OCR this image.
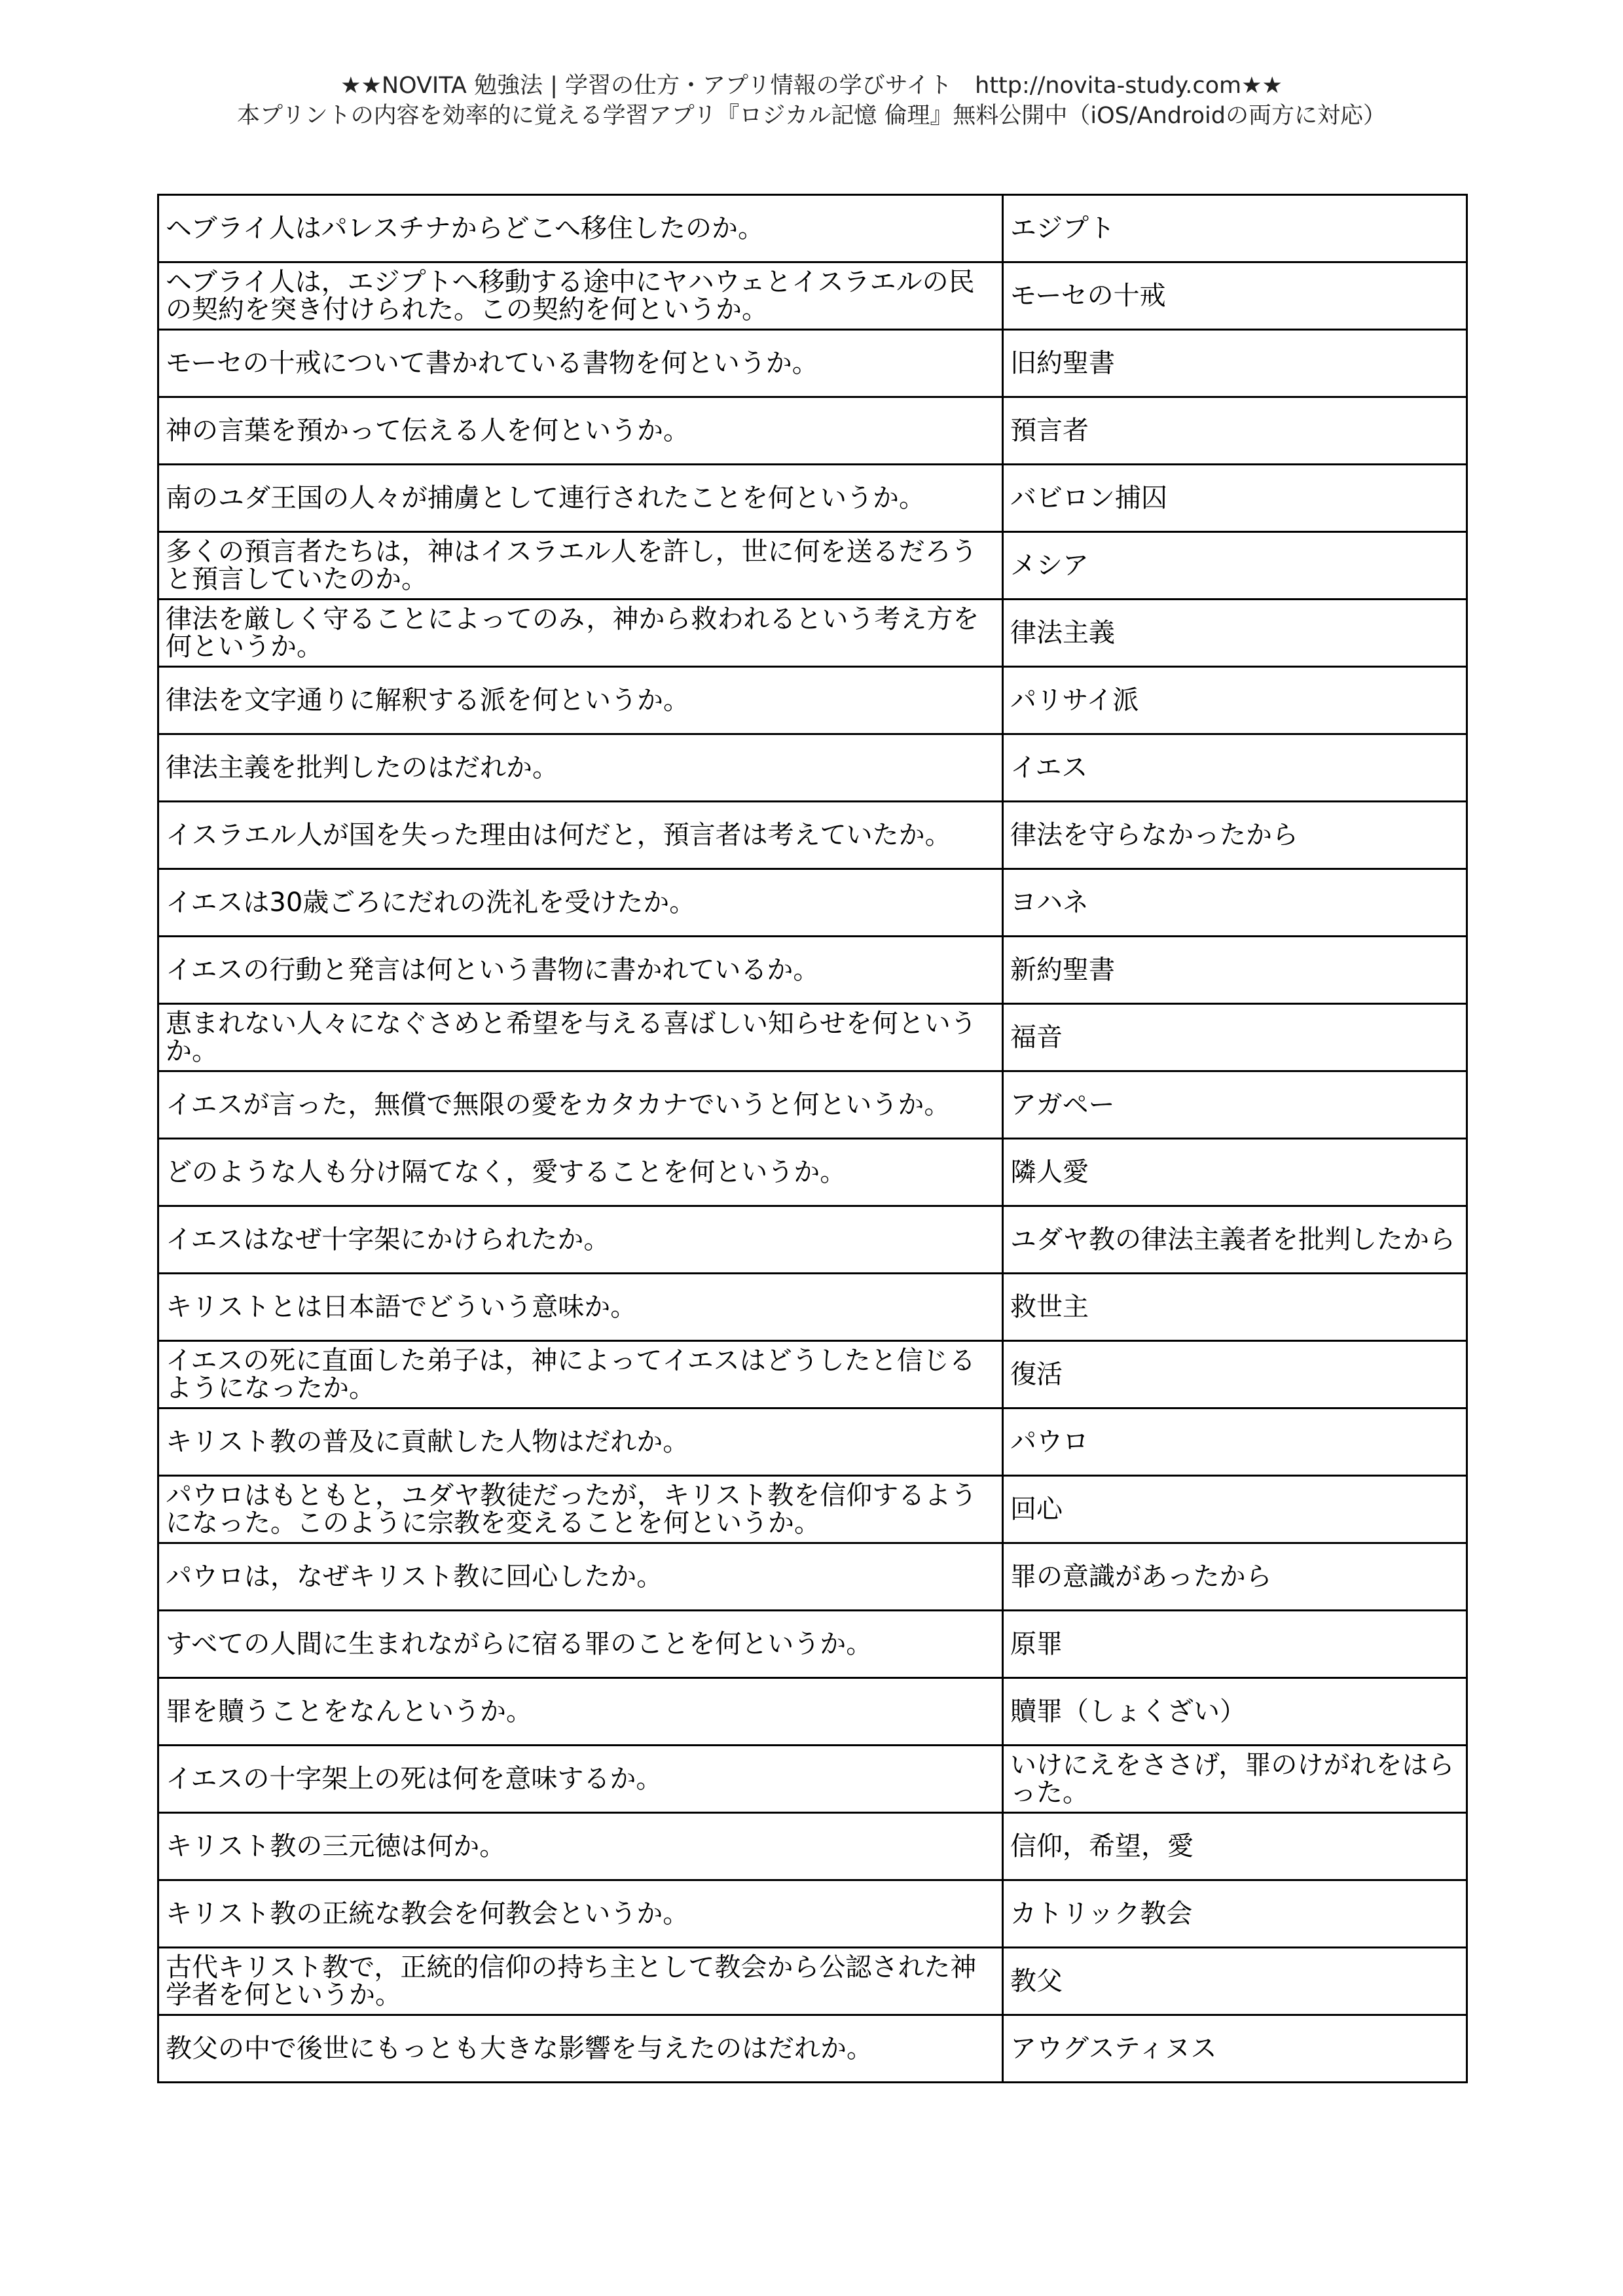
★★NOVITA 勉強法 | 学習の仕方・アプリ情報の学びサイト　http://novita-study.com★★
本プリントの内容を効率的に覚える学習アプリ『ロジカル記憶 倫理』無料公開中（iOS/Androidの両方に対応）
ヘブライ人はパレスチナからどこへ移住したのか。	エジプト
ヘブライ人は，エジプトへ移動する途中にヤハウェとイスラエルの民の契約を突き付けられた。この契約を何というか。	モーセの十戒
モーセの十戒について書かれている書物を何というか。	旧約聖書
神の言葉を預かって伝える人を何というか。	預言者
南のユダ王国の人々が捕虜として連行されたことを何というか。	バビロン捕囚
多くの預言者たちは，神はイスラエル人を許し，世に何を送るだろうと預言していたのか。	メシア
律法を厳しく守ることによってのみ，神から救われるという考え方を何というか。	律法主義
律法を文字通りに解釈する派を何というか。	パリサイ派
律法主義を批判したのはだれか。	イエス
イスラエル人が国を失った理由は何だと，預言者は考えていたか。	律法を守らなかったから
イエスは30歳ごろにだれの洗礼を受けたか。	ヨハネ
イエスの行動と発言は何という書物に書かれているか。	新約聖書
恵まれない人々になぐさめと希望を与える喜ばしい知らせを何というか。	福音
イエスが言った，無償で無限の愛をカタカナでいうと何というか。	アガペー
どのような人も分け隔てなく，愛することを何というか。	隣人愛
イエスはなぜ十字架にかけられたか。	ユダヤ教の律法主義者を批判したから
キリストとは日本語でどういう意味か。	救世主
イエスの死に直面した弟子は，神によってイエスはどうしたと信じるようになったか。	復活
キリスト教の普及に貢献した人物はだれか。	パウロ
パウロはもともと，ユダヤ教徒だったが，キリスト教を信仰するようになった。このように宗教を変えることを何というか。	回心
パウロは，なぜキリスト教に回心したか。	罪の意識があったから
すべての人間に生まれながらに宿る罪のことを何というか。	原罪
罪を贖うことをなんというか。	贖罪（しょくざい）
イエスの十字架上の死は何を意味するか。	いけにえをささげ，罪のけがれをはらった。
キリスト教の三元徳は何か。	信仰，希望，愛
キリスト教の正統な教会を何教会というか。	カトリック教会
古代キリスト教で，正統的信仰の持ち主として教会から公認された神学者を何というか。	教父
教父の中で後世にもっとも大きな影響を与えたのはだれか。	アウグスティヌス
